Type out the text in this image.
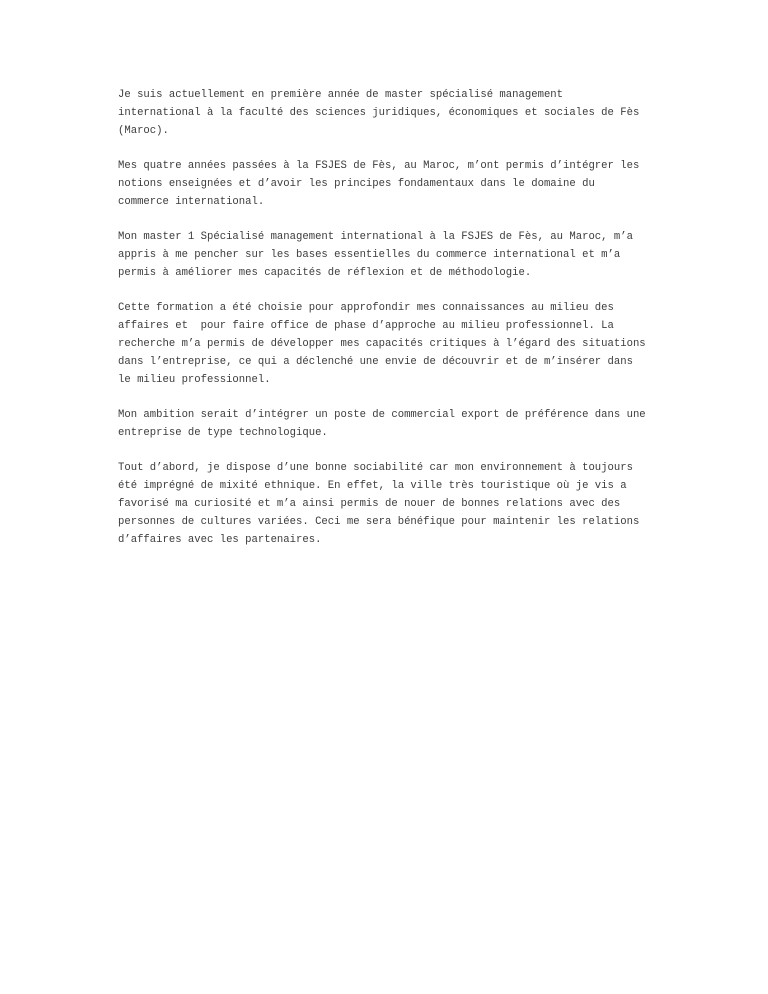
Je suis actuellement en première année de master spécialisé management
international à la faculté des sciences juridiques, économiques et sociales de Fès
(Maroc).

Mes quatre années passées à la FSJES de Fès, au Maroc, m’ont permis d’intégrer les
notions enseignées et d’avoir les principes fondamentaux dans le domaine du
commerce international.

Mon master 1 Spécialisé management international à la FSJES de Fès, au Maroc, m’a
appris à me pencher sur les bases essentielles du commerce international et m’a
permis à améliorer mes capacités de réflexion et de méthodologie.

Cette formation a été choisie pour approfondir mes connaissances au milieu des
affaires et  pour faire office de phase d’approche au milieu professionnel. La
recherche m’a permis de développer mes capacités critiques à l’égard des situations
dans l’entreprise, ce qui a déclenché une envie de découvrir et de m’insérer dans
le milieu professionnel.

Mon ambition serait d’intégrer un poste de commercial export de préférence dans une
entreprise de type technologique.

Tout d’abord, je dispose d’une bonne sociabilité car mon environnement à toujours
été imprégné de mixité ethnique. En effet, la ville très touristique où je vis a
favorisé ma curiosité et m’a ainsi permis de nouer de bonnes relations avec des
personnes de cultures variées. Ceci me sera bénéfique pour maintenir les relations
d’affaires avec les partenaires.
